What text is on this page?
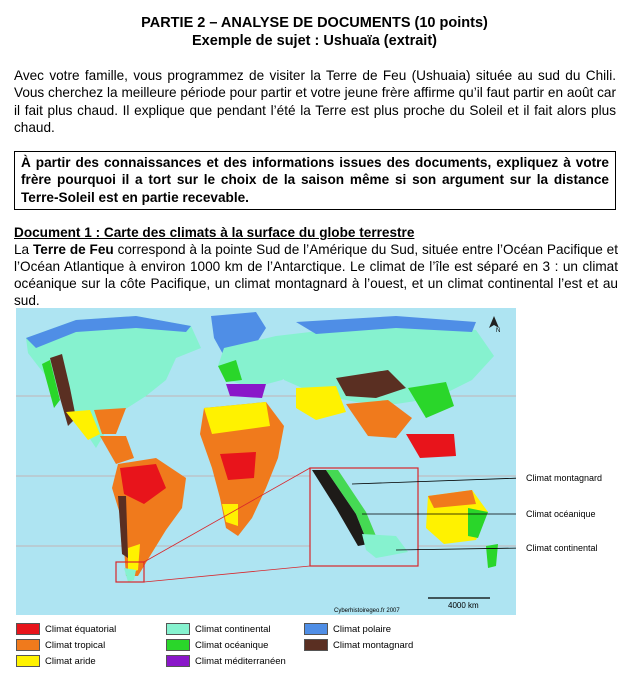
PARTIE 2 – ANALYSE DE DOCUMENTS (10 points)
Exemple de sujet : Ushuaïa (extrait)
Avec votre famille, vous programmez de visiter la Terre de Feu (Ushuaia) située au sud du Chili. Vous cherchez la meilleure période pour partir et votre jeune frère affirme qu’il faut partir en août car il fait plus chaud. Il explique que pendant l’été la Terre est plus proche du Soleil et il fait alors plus chaud.
À partir des connaissances et des informations issues des documents, expliquez à votre frère pourquoi il a tort sur le choix de la saison même si son argument sur la distance Terre-Soleil est en partie recevable.
Document 1 : Carte des climats à la surface du globe terrestre
La Terre de Feu correspond à la pointe Sud de l’Amérique du Sud, située entre l’Océan Pacifique et l’Océan Atlantique à environ 1000 km de l’Antarctique. Le climat de l’île est séparé en 3 : un climat océanique sur la côte Pacifique, un climat montagnard à l’ouest, et un climat continental l’est et au sud.
N
4000 km
Cyberhistoiregeo.fr 2007
Climat montagnard
Climat océanique
Climat continental
Climat équatorial
Climat tropical
Climat aride
Climat continental
Climat océanique
Climat méditerranéen
Climat polaire
Climat montagnard
